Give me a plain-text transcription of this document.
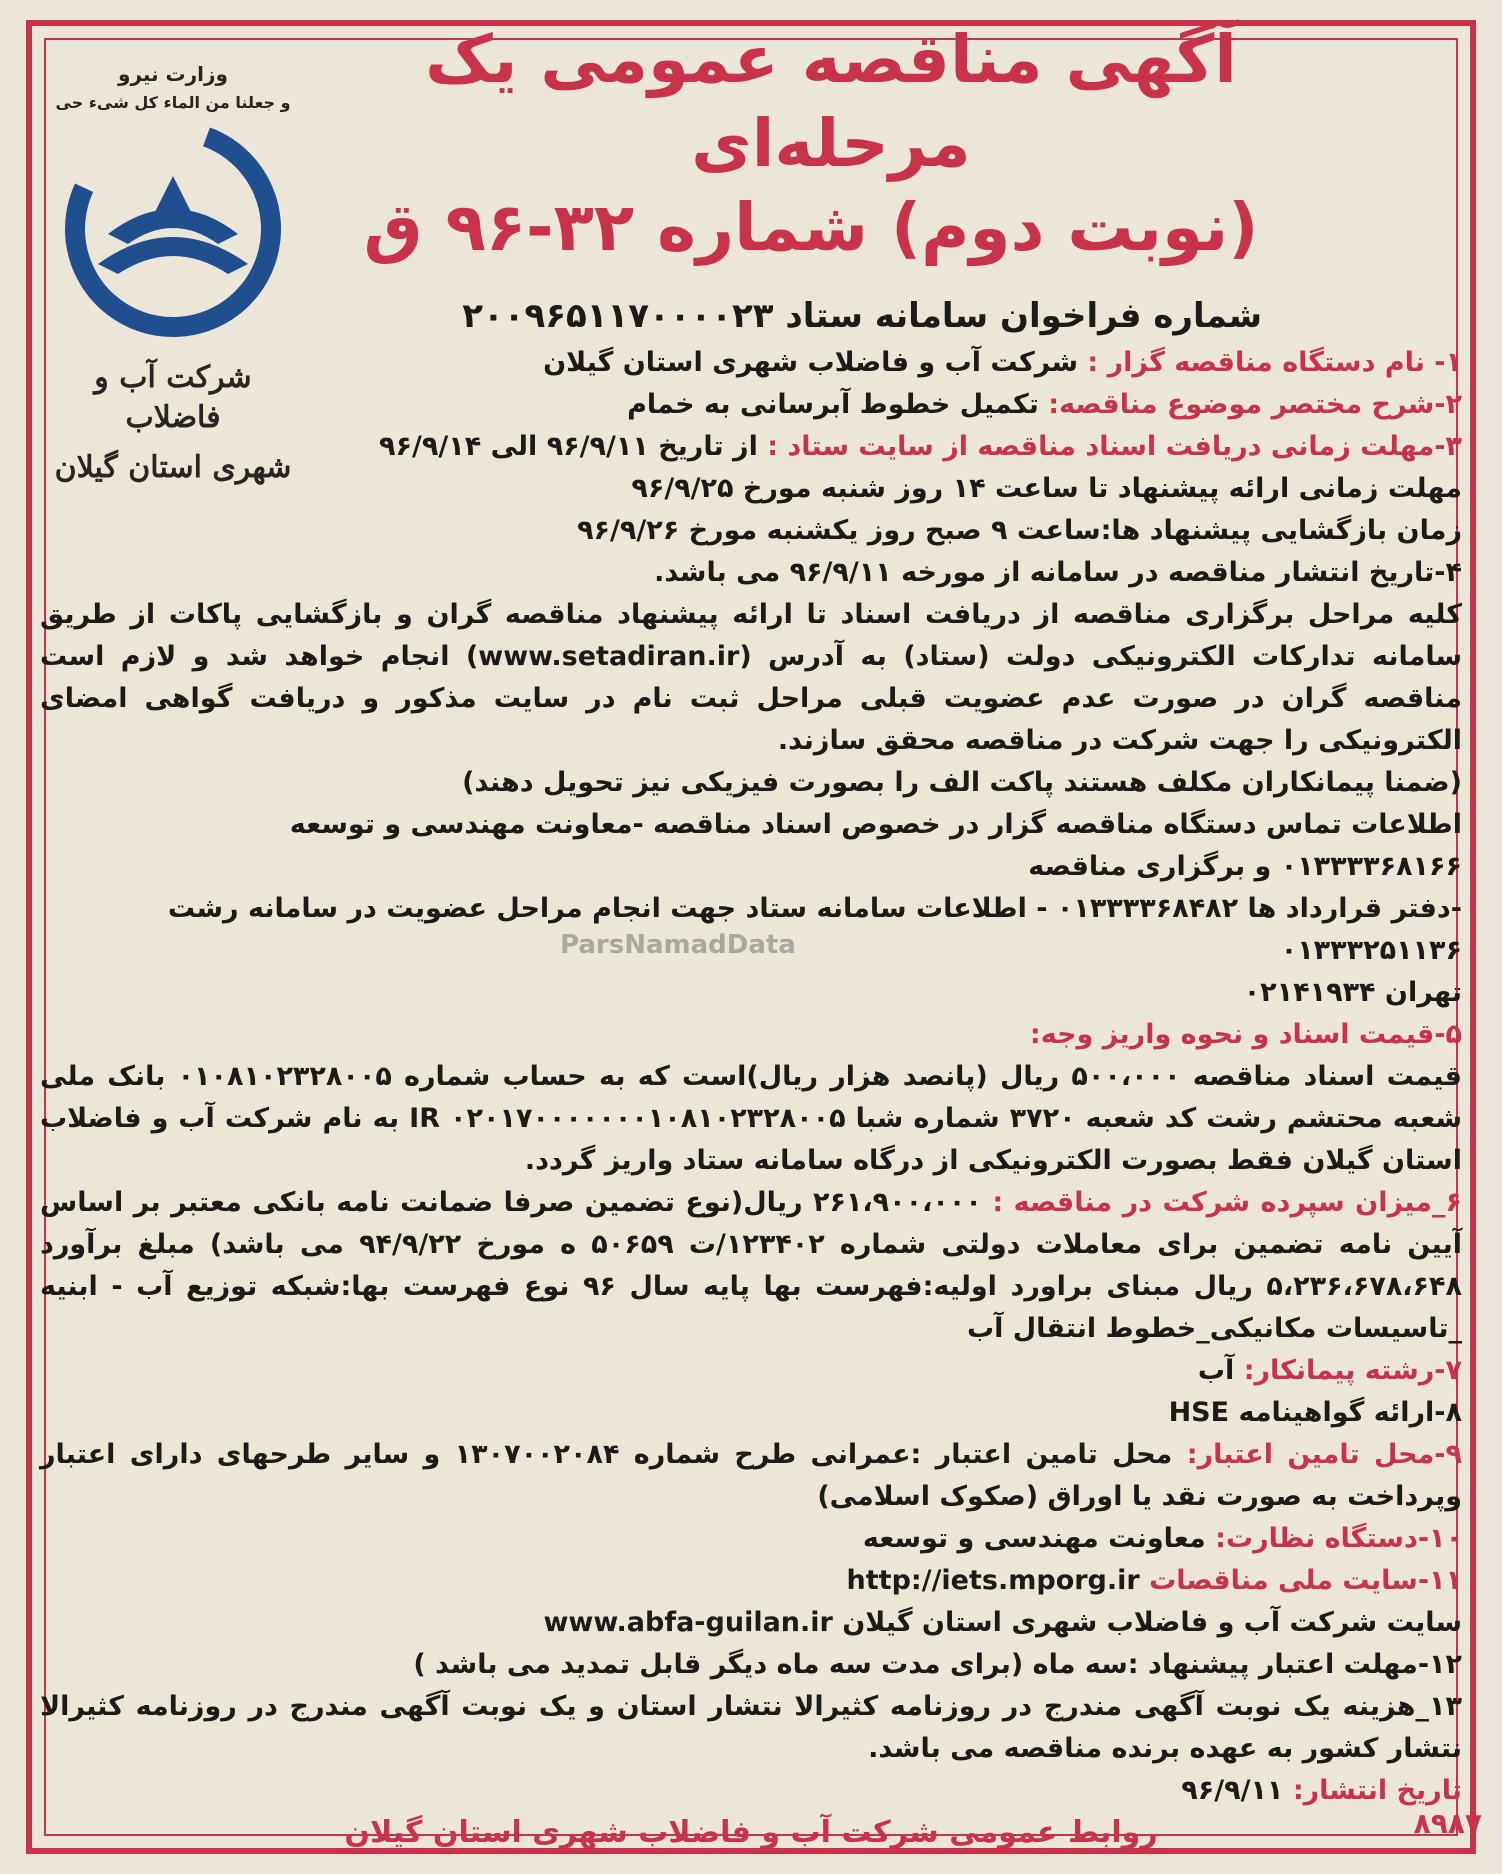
وزارت نیرو
و جعلنا من الماء کل شیء حی
شرکت آب و فاضلاب
شهری استان گیلان
آگهی مناقصه عمومی یک مرحله‌ای
(نوبت دوم) شماره ۳۲-۹۶ ق
شماره فراخوان سامانه ستاد ۲۰۰۹۶۵۱۱۷۰۰۰۰۲۳
۱- نام دستگاه مناقصه گزار : شرکت آب و فاضلاب شهری استان گیلان
۲-شرح مختصر موضوع مناقصه: تکمیل خطوط آبرسانی به خمام
۳-مهلت زمانی دریافت اسناد مناقصه از سایت ستاد : از تاریخ ۹۶/۹/۱۱ الی ۹۶/۹/۱۴
مهلت زمانی ارائه پیشنهاد تا ساعت ۱۴ روز شنبه مورخ ۹۶/۹/۲۵
زمان بازگشایی پیشنهاد ها:ساعت ۹ صبح روز یکشنبه مورخ ۹۶/۹/۲۶
۴-تاریخ انتشار مناقصه در سامانه از مورخه ۹۶/۹/۱۱ می باشد.
کلیه مراحل برگزاری مناقصه از دریافت اسناد تا ارائه پیشنهاد مناقصه گران و بازگشایی پاکات از طریق سامانه تدارکات الکترونیکی دولت (ستاد) به آدرس (www.setadiran.ir) انجام خواهد شد و لازم است مناقصه گران در صورت عدم عضویت قبلی مراحل ثبت نام در سایت مذکور و دریافت گواهی امضای الکترونیکی را جهت شرکت در مناقصه محقق سازند.
(ضمنا پیمانکاران مکلف هستند پاکت الف را بصورت فیزیکی نیز تحویل دهند)
اطلاعات تماس دستگاه مناقصه گزار در خصوص اسناد مناقصه -معاونت مهندسی و توسعه
۰۱۳۳۳۳۶۸۱۶۶ و برگزاری مناقصه
-دفتر قرارداد ها ۰۱۳۳۳۳۶۸۴۸۲ - اطلاعات سامانه ستاد جهت انجام مراحل عضویت در سامانه رشت ۰۱۳۳۳۲۵۱۱۳۶
تهران ۰۲۱۴۱۹۳۴
۵-قیمت اسناد و نحوه واریز وجه:
قیمت اسناد مناقصه ۵۰۰،۰۰۰ ریال (پانصد هزار ریال)است که به حساب شماره ۰۱۰۸۱۰۲۳۲۸۰۰۵ بانک ملی شعبه محتشم رشت کد شعبه ۳۷۲۰ شماره شبا IR ۰۲۰۱۷۰۰۰۰۰۰۰۱۰۸۱۰۲۳۲۸۰۰۵ به نام شرکت آب و فاضلاب استان گیلان فقط بصورت الکترونیکی از درگاه سامانه ستاد واریز گردد.
۶_میزان سپرده شرکت در مناقصه : ۲۶۱،۹۰۰،۰۰۰ ریال(نوع تضمین صرفا ضمانت نامه بانکی معتبر بر اساس آیین نامه تضمین برای معاملات دولتی شماره ۱۲۳۴۰۲/ت ۵۰۶۵۹ ه مورخ ۹۴/۹/۲۲ می باشد) مبلغ برآورد ۵،۲۳۶،۶۷۸،۶۴۸ ریال مبنای براورد اولیه:فهرست بها پایه سال ۹۶ نوع فهرست بها:شبکه توزیع آب - ابنیه _تاسیسات مکانیکی_خطوط انتقال آب
۷-رشته پیمانکار: آب
۸-ارائه گواهینامه HSE
۹-محل تامین اعتبار: محل تامین اعتبار :عمرانی طرح شماره ۱۳۰۷۰۰۲۰۸۴ و سایر طرحهای دارای اعتبار وپرداخت به صورت نقد یا اوراق (صکوک اسلامی)
۱۰-دستگاه نظارت: معاونت مهندسی و توسعه
۱۱-سایت ملی مناقصات http://iets.mporg.ir
سایت شرکت آب و فاضلاب شهری استان گیلان www.abfa-guilan.ir
۱۲-مهلت اعتبار پیشنهاد :سه ماه (برای مدت سه ماه دیگر قابل تمدید می باشد )
۱۳_هزینه یک نوبت آگهی مندرج در روزنامه کثیرالا نتشار استان و یک نوبت آگهی مندرج در روزنامه کثیرالا نتشار کشور به عهده برنده مناقصه می باشد.
تاریخ انتشار: ۹۶/۹/۱۱
ParsNamadData
۸۹۸۷
روابط عمومی شرکت آب و فاضلاب شهری استان گیلان
